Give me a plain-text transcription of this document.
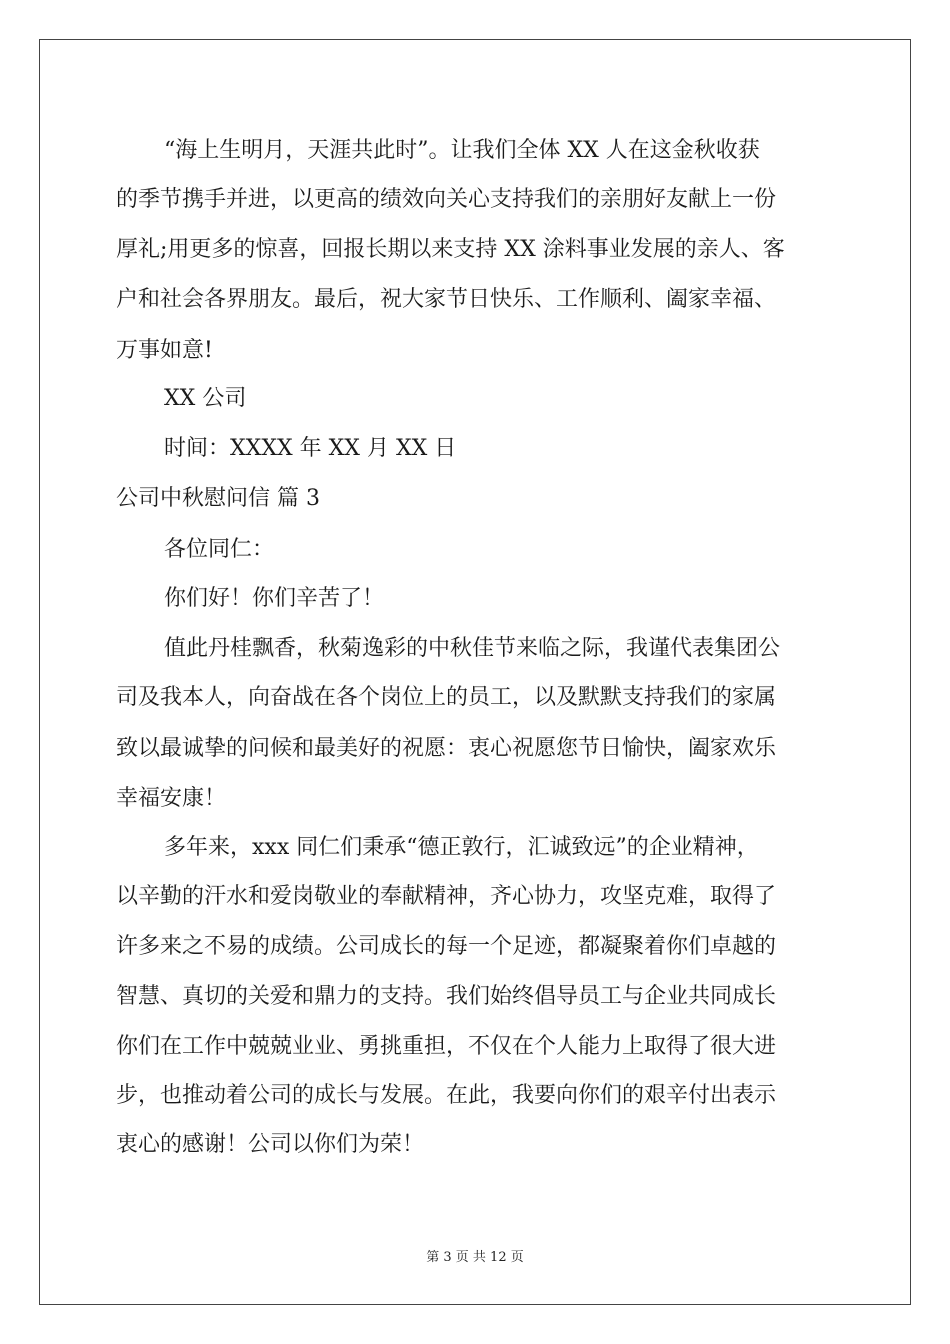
“海上生明月，天涯共此时”。让我们全体 XX 人在这金秋收获

的季节携手并进，以更高的绩效向关心支持我们的亲朋好友献上一份

厚礼;用更多的惊喜，回报长期以来支持 XX 涂料事业发展的亲人、客

户和社会各界朋友。最后，祝大家节日快乐、工作顺利、阖家幸福、

万事如意!

XX 公司

时间：XXXX 年 XX 月 XX 日

公司中秋慰问信 篇 3

各位同仁：

你们好！你们辛苦了！

值此丹桂飘香，秋菊逸彩的中秋佳节来临之际，我谨代表集团公

司及我本人，向奋战在各个岗位上的员工，以及默默支持我们的家属

致以最诚挚的问候和最美好的祝愿：衷心祝愿您节日愉快，阖家欢乐

幸福安康！

多年来，xxx 同仁们秉承“德正敦行，汇诚致远”的企业精神，

以辛勤的汗水和爱岗敬业的奉献精神，齐心协力，攻坚克难，取得了

许多来之不易的成绩。公司成长的每一个足迹，都凝聚着你们卓越的

智慧、真切的关爱和鼎力的支持。我们始终倡导员工与企业共同成长

你们在工作中兢兢业业、勇挑重担，不仅在个人能力上取得了很大进

步，也推动着公司的成长与发展。在此，我要向你们的艰辛付出表示

衷心的感谢！公司以你们为荣！

第 3 页 共 12 页
